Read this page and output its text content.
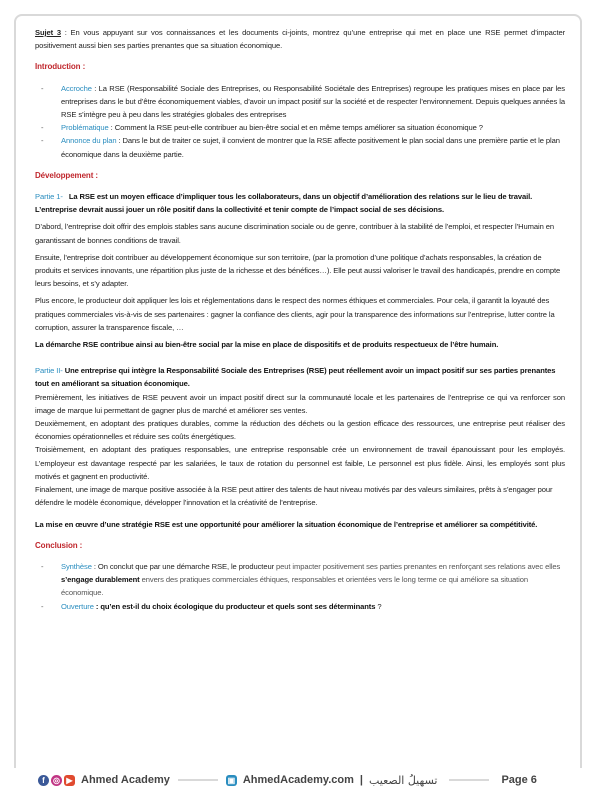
Sujet 3 : En vous appuyant sur vos connaissances et les documents ci-joints, montrez qu’une entreprise qui met en place une RSE permet d’impacter positivement aussi bien ses parties prenantes que sa situation économique.

Introduction :

- Accroche : La RSE (Responsabilité Sociale des Entreprises, ou Responsabilité Sociétale des Entreprises) regroupe les pratiques mises en place par les entreprises dans le but d’être économiquement viables, d’avoir un impact positif sur la société et de respecter l’environnement. Depuis quelques années la RSE s’intègre peu à peu dans les stratégies globales des entreprises
- Problématique : Comment la RSE peut-elle contribuer au bien-être social et en même temps améliorer sa situation économique ?
- Annonce du plan : Dans le but de traiter ce sujet, il convient de montrer que la RSE affecte positivement le plan social dans une première partie et le plan économique dans la deuxième partie.

Développement :

Partie 1- La RSE est un moyen efficace d’impliquer tous les collaborateurs, dans un objectif d’amélioration des relations sur le lieu de travail. L’entreprise devrait aussi jouer un rôle positif dans la collectivité et tenir compte de l’impact social de ses décisions.

D’abord, l’entreprise doit offrir des emplois stables sans aucune discrimination sociale ou de genre, contribuer à la stabilité de l’emploi, et respecter l’Humain en garantissant de bonnes conditions de travail.

Ensuite, l’entreprise doit contribuer au développement économique sur son territoire, (par la promotion d’une politique d’achats responsables, la création de produits et services innovants, une répartition plus juste de la richesse et des bénéfices…). Elle peut aussi valoriser le travail des handicapés, prendre en compte leurs besoins, et s’y adapter.

Plus encore, le producteur doit appliquer les lois et réglementations dans le respect des normes éthiques et commerciales. Pour cela, il garantit la loyauté des pratiques commerciales vis-à-vis de ses partenaires : gagner la confiance des clients, agir pour la transparence des informations sur l’entreprise, lutter contre la corruption, assurer la transparence fiscale, …

La démarche RSE contribue ainsi au bien-être social par la mise en place de dispositifs et de produits respectueux de l’être humain.

Partie II- Une entreprise qui intègre la Responsabilité Sociale des Entreprises (RSE) peut réellement avoir un impact positif sur ses parties prenantes tout en améliorant sa situation économique.

Premièrement, les initiatives de RSE peuvent avoir un impact positif direct sur la communauté locale et les partenaires de l’entreprise ce qui va renforcer son image de marque lui permettant de gagner plus de marché et améliorer ses ventes.

Deuxièmement, en adoptant des pratiques durables, comme la réduction des déchets ou la gestion efficace des ressources, une entreprise peut réaliser des économies opérationnelles et réduire ses coûts énergétiques.

Troisièmement, en adoptant des pratiques responsables, une entreprise responsable crée un environnement de travail épanouissant pour les employés. L’employeur est davantage respecté par les salariées, le taux de rotation du personnel est faible, Le personnel est plus fidèle. Ainsi, les employés sont plus motivés et gagnent en productivité.

Finalement, une image de marque positive associée à la RSE peut attirer des talents de haut niveau motivés par des valeurs similaires, prêts à s’engager pour défendre le modèle économique, développer l’innovation et la créativité de l’entreprise.

La mise en œuvre d’une stratégie RSE est une opportunité pour améliorer la situation économique de l’entreprise et améliorer sa compétitivité.

Conclusion :

- Synthèse : On conclut que par une démarche RSE, le producteur peut impacter positivement ses parties prenantes en renforçant ses relations avec elles s’engage durablement envers des pratiques commerciales éthiques, responsables et orientées vers le long terme ce qui améliore sa situation économique.
- Ouverture : qu’en est-il du choix écologique du producteur et quels sont ses déterminants ?
f	◎ ▶ Ahmed Academy	▣ AhmedAcademy.com | تسهيلُ الصعيب	Page 6
